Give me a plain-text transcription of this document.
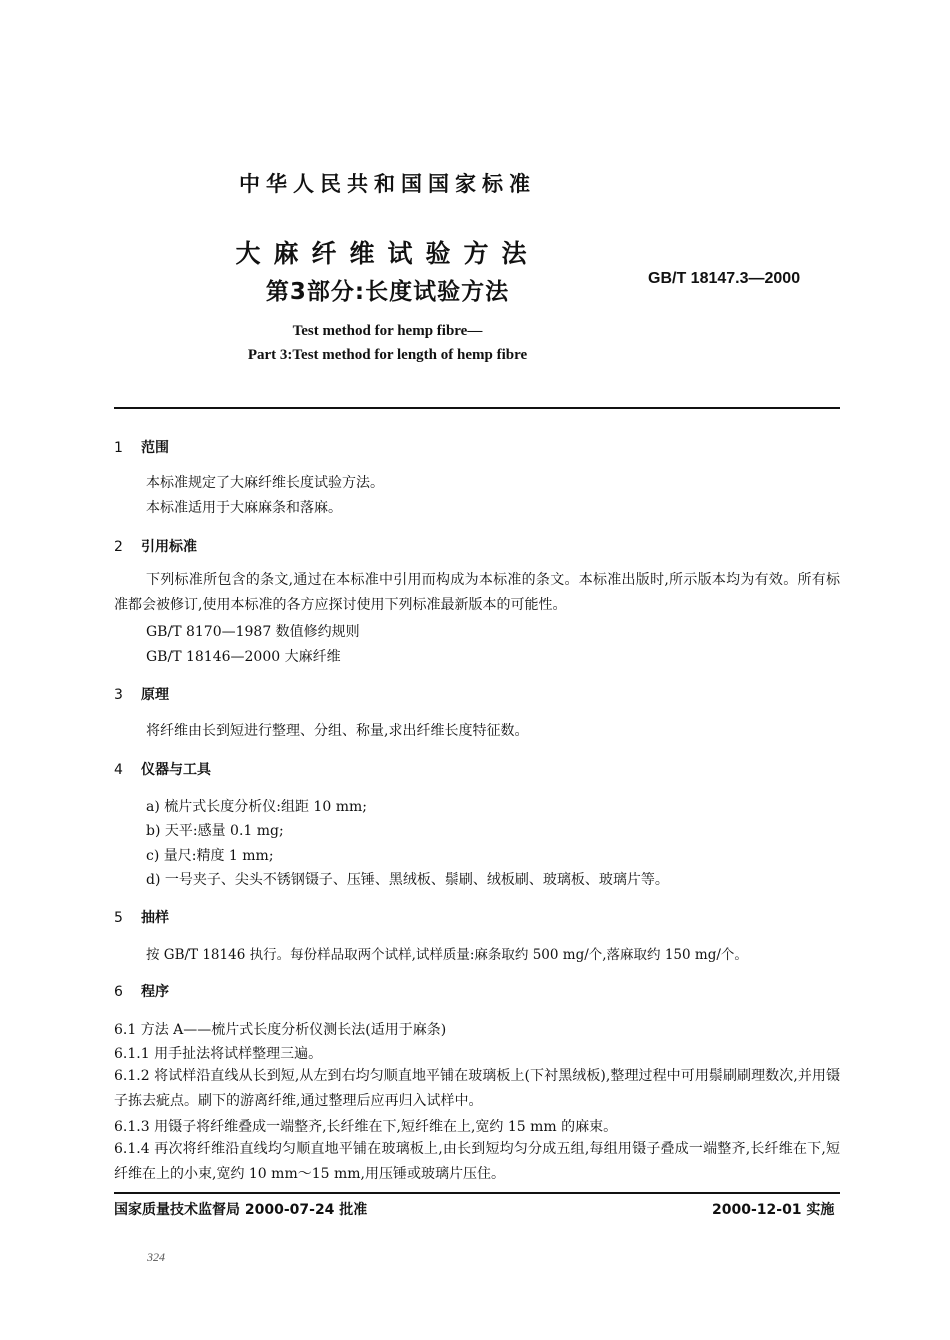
中华人民共和国国家标准
大麻纤维试验方法
第3部分:长度试验方法
GB/T 18147.3—2000
Test method for hemp fibre—
Part 3:Test method for length of hemp fibre
1 范围
本标准规定了大麻纤维长度试验方法。
本标准适用于大麻麻条和落麻。
2 引用标准
下列标准所包含的条文,通过在本标准中引用而构成为本标准的条文。本标准出版时,所示版本均为有效。所有标准都会被修订,使用本标准的各方应探讨使用下列标准最新版本的可能性。
GB/T 8170—1987 数值修约规则
GB/T 18146—2000 大麻纤维
3 原理
将纤维由长到短进行整理、分组、称量,求出纤维长度特征数。
4 仪器与工具
a) 梳片式长度分析仪:组距 10 mm;
b) 天平:感量 0.1 mg;
c) 量尺:精度 1 mm;
d) 一号夹子、尖头不锈钢镊子、压锤、黑绒板、鬃刷、绒板刷、玻璃板、玻璃片等。
5 抽样
按 GB/T 18146 执行。每份样品取两个试样,试样质量:麻条取约 500 mg/个,落麻取约 150 mg/个。
6 程序
6.1 方法 A——梳片式长度分析仪测长法(适用于麻条)
6.1.1 用手扯法将试样整理三遍。
6.1.2 将试样沿直线从长到短,从左到右均匀顺直地平铺在玻璃板上(下衬黑绒板),整理过程中可用鬃刷刷理数次,并用镊子拣去疵点。刷下的游离纤维,通过整理后应再归入试样中。
6.1.3 用镊子将纤维叠成一端整齐,长纤维在下,短纤维在上,宽约 15 mm 的麻束。
6.1.4 再次将纤维沿直线均匀顺直地平铺在玻璃板上,由长到短均匀分成五组,每组用镊子叠成一端整齐,长纤维在下,短纤维在上的小束,宽约 10 mm～15 mm,用压锤或玻璃片压住。
国家质量技术监督局 2000-07-24 批准	2000-12-01 实施
324
